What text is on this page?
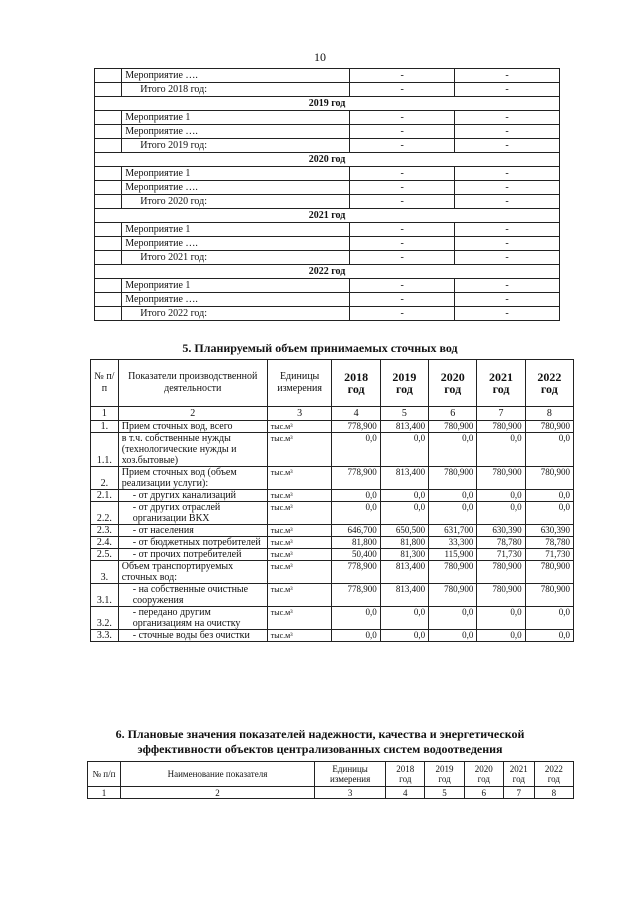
10
	Мероприятие ….	-	-
	Итого 2018 год:	-	-
2019 год			
	Мероприятие 1	-	-
	Мероприятие ….	-	-
	Итого 2019 год:	-	-
2020 год			
	Мероприятие 1	-	-
	Мероприятие ….	-	-
	Итого 2020 год:	-	-
2021 год			
	Мероприятие 1	-	-
	Мероприятие ….	-	-
	Итого 2021 год:	-	-
2022 год			
	Мероприятие 1	-	-
	Мероприятие ….	-	-
	Итого 2022 год:	-	-
5. Планируемый объем принимаемых сточных вод
№ п/п	Показатели производственной деятельности	Единицы измерения	2018 год	2019 год	2020 год	2021 год	2022 год
1	2	3	4	5	6	7	8
1.	Прием сточных вод, всего	тыс.м³	778,900	813,400	780,900	780,900	780,900
1.1.	в т.ч. собственные нужды (технологические нужды и хоз.бытовые)	тыс.м³	0,0	0,0	0,0	0,0	0,0
2.	Прием сточных вод (объем реализации услуги):	тыс.м³	778,900	813,400	780,900	780,900	780,900
2.1.	- от других канализаций	тыс.м³	0,0	0,0	0,0	0,0	0,0
2.2.	- от других отраслей организации ВКХ	тыс.м³	0,0	0,0	0,0	0,0	0,0
2.3.	- от населения	тыс.м³	646,700	650,500	631,700	630,390	630,390
2.4.	- от бюджетных потребителей	тыс.м³	81,800	81,800	33,300	78,780	78,780
2.5.	- от прочих потребителей	тыс.м³	50,400	81,300	115,900	71,730	71,730
3.	Объем транспортируемых сточных вод:	тыс.м³	778,900	813,400	780,900	780,900	780,900
3.1.	- на собственные очистные сооружения	тыс.м³	778,900	813,400	780,900	780,900	780,900
3.2.	- передано другим организациям на очистку	тыс.м³	0,0	0,0	0,0	0,0	0,0
3.3.	- сточные воды без очистки	тыс.м³	0,0	0,0	0,0	0,0	0,0
6. Плановые значения показателей надежности, качества и энергетической
эффективности объектов централизованных систем водоотведения
№ п/п	Наименование показателя	Единицы измерения	2018 год	2019 год	2020 год	2021 год	2022 год
1	2	3	4	5	6	7	8
